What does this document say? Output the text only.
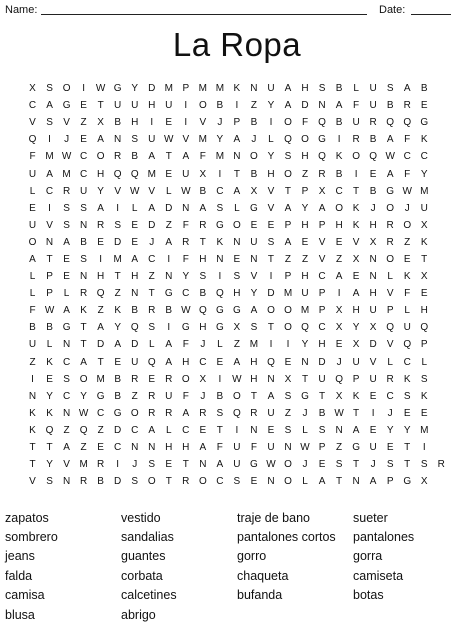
Name:	Date:
La Ropa
X	S O	I	W G Y	D M P M M K	N U	A	H	S	B	L	U	S	A	B
C	A G E	T	U U H U	I	O B	I	Z	Y	A	D N	A	F	U	B	R	E
V	S	V	Z	X	B	H	I	E	I	V	J	P	B	I	O	F	Q B	U R Q Q G
Q	I	J	E	A	N	S	U W V M Y	A	J	L	Q O G	I	R	B	A	F	K
F M W C O R	B	A	T	A	F M N O Y	S	H Q K O Q W C C
U	A M C H Q Q M E	U	X	I	T	B	H O	Z	R	B	I	E	A	F	Y
L	C R U	Y	V W V	L W B	C	A	X	V	T	P	X	C	T	B G W M
E	I	S	S	A	I	L	A	D N	A	S	L	G V	A	Y	A O K	J	O	J	U
U	V	S	N R	S	E	D	Z	F	R G O E	E	P	H	P	H	K	H R O X
O N	A	B	E	D	E	J	A	R	T	K	N U	S	A	E	V	E	V	X	R	Z	K
A	T	E	S	I	M A	C	I	F	H N	E	N	T	Z	Z	V	Z	X	N O E	T
L	P	E	N H	T	H	Z	N	Y	S	I	S	V	I	P	H C	A	E	N	L	K	X
L	P	L	R Q	Z	N	T	G C	B Q H	Y	D M U	P	I	A	H	V	F	E
F W A	K	Z	K	B	R	B W Q G G A O O M P	X	H U	P	L	H
B	B G	T	A	Y Q S	I	G H G X	S	T	O Q C	X	Y	X Q U Q
U	L	N	T	D	A	D	L	A	F	J	L	Z M	I	I	Y	H	E	X	D	V Q P
Z	K	C	A	T	E	U Q A	H C	E	A	H Q E	N D	J	U	V	L	C	L
I	E	S O M B	R	E	R O X	I	W H N	X	T	U Q P	U R	K	S
N	Y	C	Y G B	Z	R U	F	J	B O	T	A	S G	T	X	K	E	C	S	K
K	K	N W C G O R R	A	R	S Q R U	Z	J	B W T	I	J	E	E
K Q	Z	Q	Z	D C	A	L	C	E	T	I	N	E	S	L	S	N	A	E	Y	Y M
T	T	A	Z	E	C N N H H	A	F	U	F	U N W P	Z	G U	E	T	I
T	Y	V M R	I	J	S	E	T	N	A	U G W O	J	E	S	T	J	S	T	S	R
V	S	N R	B	D	S O	T	R O C	S	E	N O	L	A	T	N	A	P G X
zapatos	vestido	traje de bano	sueter
sombrero	sandalias	pantalones cortos	pantalones
jeans	guantes	gorro	gorra
falda	corbata	chaqueta	camiseta
camisa	calcetines	bufanda	botas
blusa	abrigo
